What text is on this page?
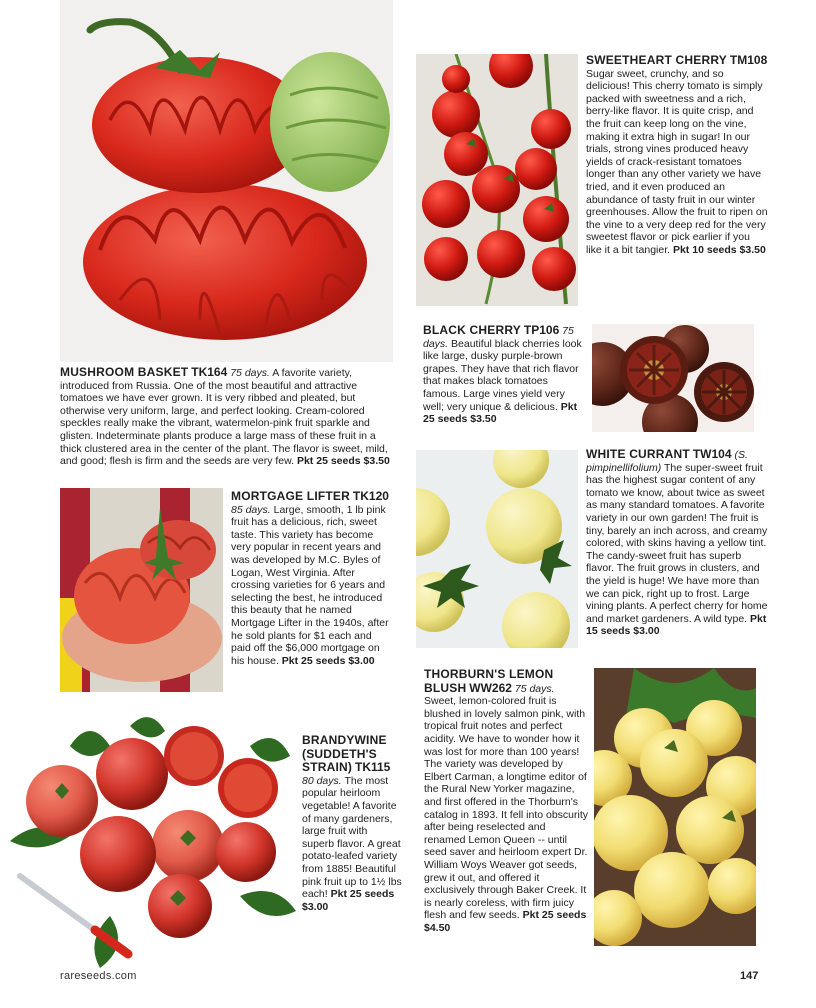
MUSHROOM BASKET TK164 75 days. A favorite variety, introduced from Russia. One of the most beautiful and attractive tomatoes we have ever grown. It is very ribbed and pleated, but otherwise very uniform, large, and perfect looking. Cream-colored speckles really make the vibrant, watermelon-pink fruit sparkle and glisten. Indeterminate plants produce a large mass of these fruit in a thick clustered area in the center of the plant. The flavor is sweet, mild, and good; flesh is firm and the seeds are very few. Pkt 25 seeds $3.50
MORTGAGE LIFTER TK120 85 days. Large, smooth, 1 lb pink fruit has a delicious, rich, sweet taste. This variety has become very popular in recent years and was developed by M.C. Byles of Logan, West Virginia. After crossing varieties for 6 years and selecting the best, he introduced this beauty that he named Mortgage Lifter in the 1940s, after he sold plants for $1 each and paid off the $6,000 mortgage on his house. Pkt 25 seeds $3.00
BRANDYWINE (SUDDETH'S STRAIN) TK115 80 days. The most popular heirloom vegetable! A favorite of many gardeners, large fruit with superb flavor. A great potato-leafed variety from 1885! Beautiful pink fruit up to 1½ lbs each! Pkt 25 seeds $3.00
SWEETHEART CHERRY TM108 Sugar sweet, crunchy, and so delicious! This cherry tomato is simply packed with sweetness and a rich, berry-like flavor. It is quite crisp, and the fruit can keep long on the vine, making it extra high in sugar! In our trials, strong vines produced heavy yields of crack-resistant tomatoes longer than any other variety we have tried, and it even produced an abundance of tasty fruit in our winter greenhouses. Allow the fruit to ripen on the vine to a very deep red for the very sweetest flavor or pick earlier if you like it a bit tangier. Pkt 10 seeds $3.50
BLACK CHERRY TP106 75 days. Beautiful black cherries look like large, dusky purple-brown grapes. They have that rich flavor that makes black tomatoes famous. Large vines yield very well; very unique & delicious. Pkt 25 seeds $3.50
WHITE CURRANT TW104 (S. pimpinellifolium) The super-sweet fruit has the highest sugar content of any tomato we know, about twice as sweet as many standard tomatoes. A favorite variety in our own garden! The fruit is tiny, barely an inch across, and creamy colored, with skins having a yellow tint. The candy-sweet fruit has superb flavor. The fruit grows in clusters, and the yield is huge! We have more than we can pick, right up to frost. Large vining plants. A perfect cherry for home and market gardeners. A wild type. Pkt 15 seeds $3.00
THORBURN'S LEMON BLUSH WW262 75 days. Sweet, lemon-colored fruit is blushed in lovely salmon pink, with tropical fruit notes and perfect acidity. We have to wonder how it was lost for more than 100 years! The variety was developed by Elbert Carman, a longtime editor of the Rural New Yorker magazine, and first offered in the Thorburn's catalog in 1893. It fell into obscurity after being reselected and renamed Lemon Queen -- until seed saver and heirloom expert Dr. William Woys Weaver got seeds, grew it out, and offered it exclusively through Baker Creek. It is nearly coreless, with firm juicy flesh and few seeds. Pkt 25 seeds $4.50
rareseeds.com	147
